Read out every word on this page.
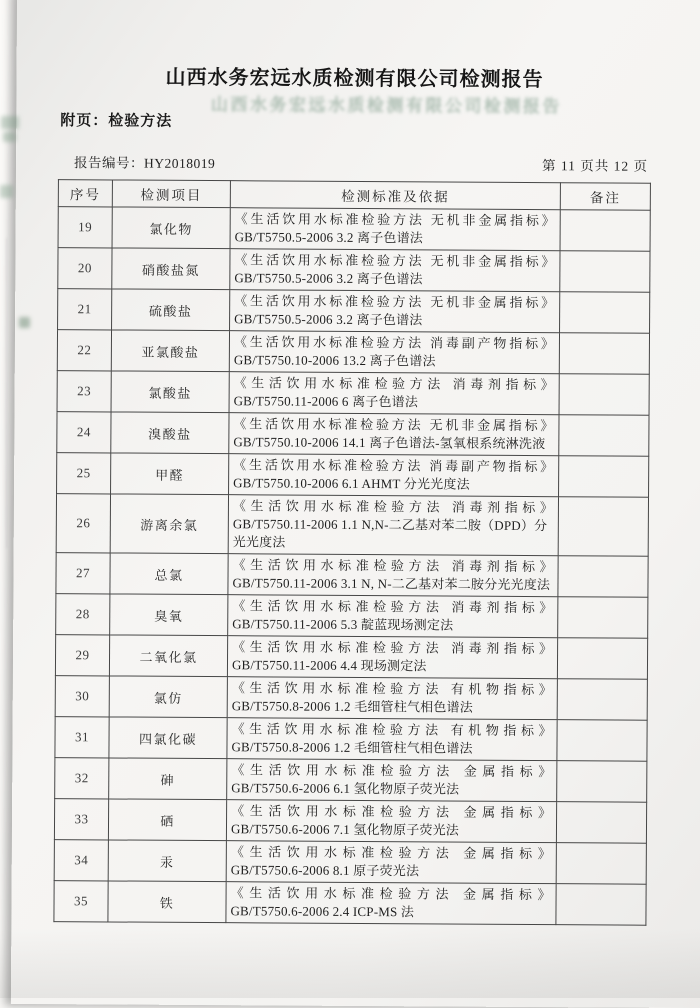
山西水务宏远水质检测有限公司检测报告
山西水务宏远水质检测有限公司检测报告
附页：检验方法
报告编号：HY2018019	第 11 页共 12 页
序号	检测项目	检测标准及依据	备注
19	氯化物	《生活饮用水标准检验方法 无机非金属指标》
GB/T5750.5-2006 3.2 离子色谱法	

20	硝酸盐氮	《生活饮用水标准检验方法 无机非金属指标》
GB/T5750.5-2006 3.2 离子色谱法	

21	硫酸盐	《生活饮用水标准检验方法 无机非金属指标》
GB/T5750.5-2006 3.2 离子色谱法	

22	亚氯酸盐	《生活饮用水标准检验方法 消毒副产物指标》
GB/T5750.10-2006 13.2 离子色谱法	

23	氯酸盐	《生活饮用水标准检验方法 消毒剂指标》
GB/T5750.11-2006 6 离子色谱法	

24	溴酸盐	《生活饮用水标准检验方法 无机非金属指标》
GB/T5750.10-2006 14.1 离子色谱法-氢氧根系统淋洗液	

25	甲醛	《生活饮用水标准检验方法 消毒副产物指标》
GB/T5750.10-2006 6.1 AHMT 分光光度法	

26	游离余氯	《生活饮用水标准检验方法 消毒剂指标》
GB/T5750.11-2006 1.1 N,N-二乙基对苯二胺（DPD）分光光度法	

27	总氯	《生活饮用水标准检验方法 消毒剂指标》
GB/T5750.11-2006 3.1 N, N-二乙基对苯二胺分光光度法	

28	臭氧	《生活饮用水标准检验方法 消毒剂指标》
GB/T5750.11-2006 5.3 靛蓝现场测定法	

29	二氧化氯	《生活饮用水标准检验方法 消毒剂指标》
GB/T5750.11-2006 4.4 现场测定法	

30	氯仿	《生活饮用水标准检验方法 有机物指标》
GB/T5750.8-2006 1.2 毛细管柱气相色谱法	

31	四氯化碳	《生活饮用水标准检验方法 有机物指标》
GB/T5750.8-2006 1.2 毛细管柱气相色谱法	

32	砷	《生活饮用水标准检验方法 金属指标》
GB/T5750.6-2006 6.1 氢化物原子荧光法	

33	硒	《生活饮用水标准检验方法 金属指标》
GB/T5750.6-2006 7.1 氢化物原子荧光法	

34	汞	《生活饮用水标准检验方法 金属指标》
GB/T5750.6-2006 8.1 原子荧光法	

35	铁	《生活饮用水标准检验方法 金属指标》
GB/T5750.6-2006 2.4 ICP-MS 法	
